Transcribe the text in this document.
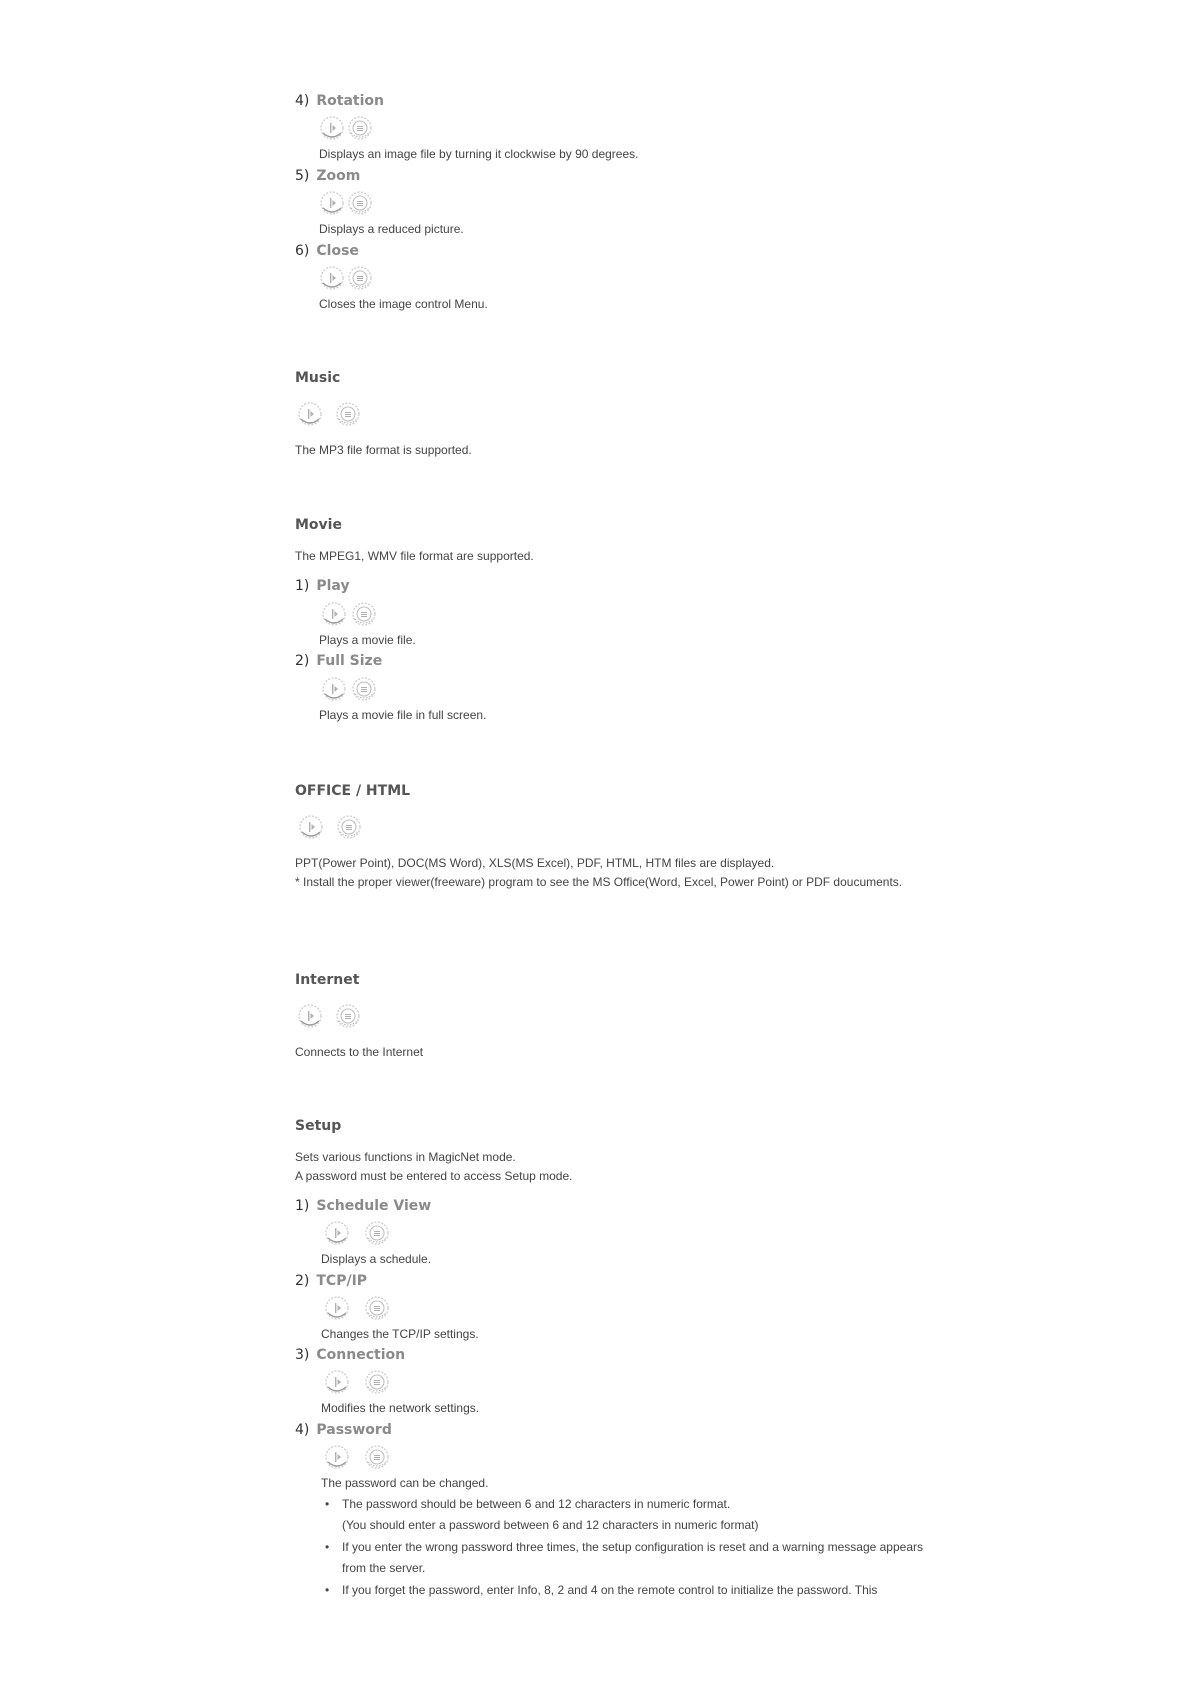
4) Rotation
Displays an image file by turning it clockwise by 90 degrees.
5) Zoom
Displays a reduced picture.
6) Close
Closes the image control Menu.
Music
The MP3 file format is supported.
Movie
The MPEG1, WMV file format are supported.
1) Play
Plays a movie file.
2) Full Size
Plays a movie file in full screen.
OFFICE / HTML
PPT(Power Point), DOC(MS Word), XLS(MS Excel), PDF, HTML, HTM files are displayed.
* Install the proper viewer(freeware) program to see the MS Office(Word, Excel, Power Point) or PDF doucuments.
Internet
Connects to the Internet
Setup
Sets various functions in MagicNet mode.
A password must be entered to access Setup mode.
1) Schedule View
Displays a schedule.
2) TCP/IP
Changes the TCP/IP settings.
3) Connection
Modifies the network settings.
4) Password
The password can be changed.
• The password should be between 6 and 12 characters in numeric format.
(You should enter a password between 6 and 12 characters in numeric format)
• If you enter the wrong password three times, the setup configuration is reset and a warning message appears from the server.
• If you forget the password, enter Info, 8, 2 and 4 on the remote control to initialize the password. This
